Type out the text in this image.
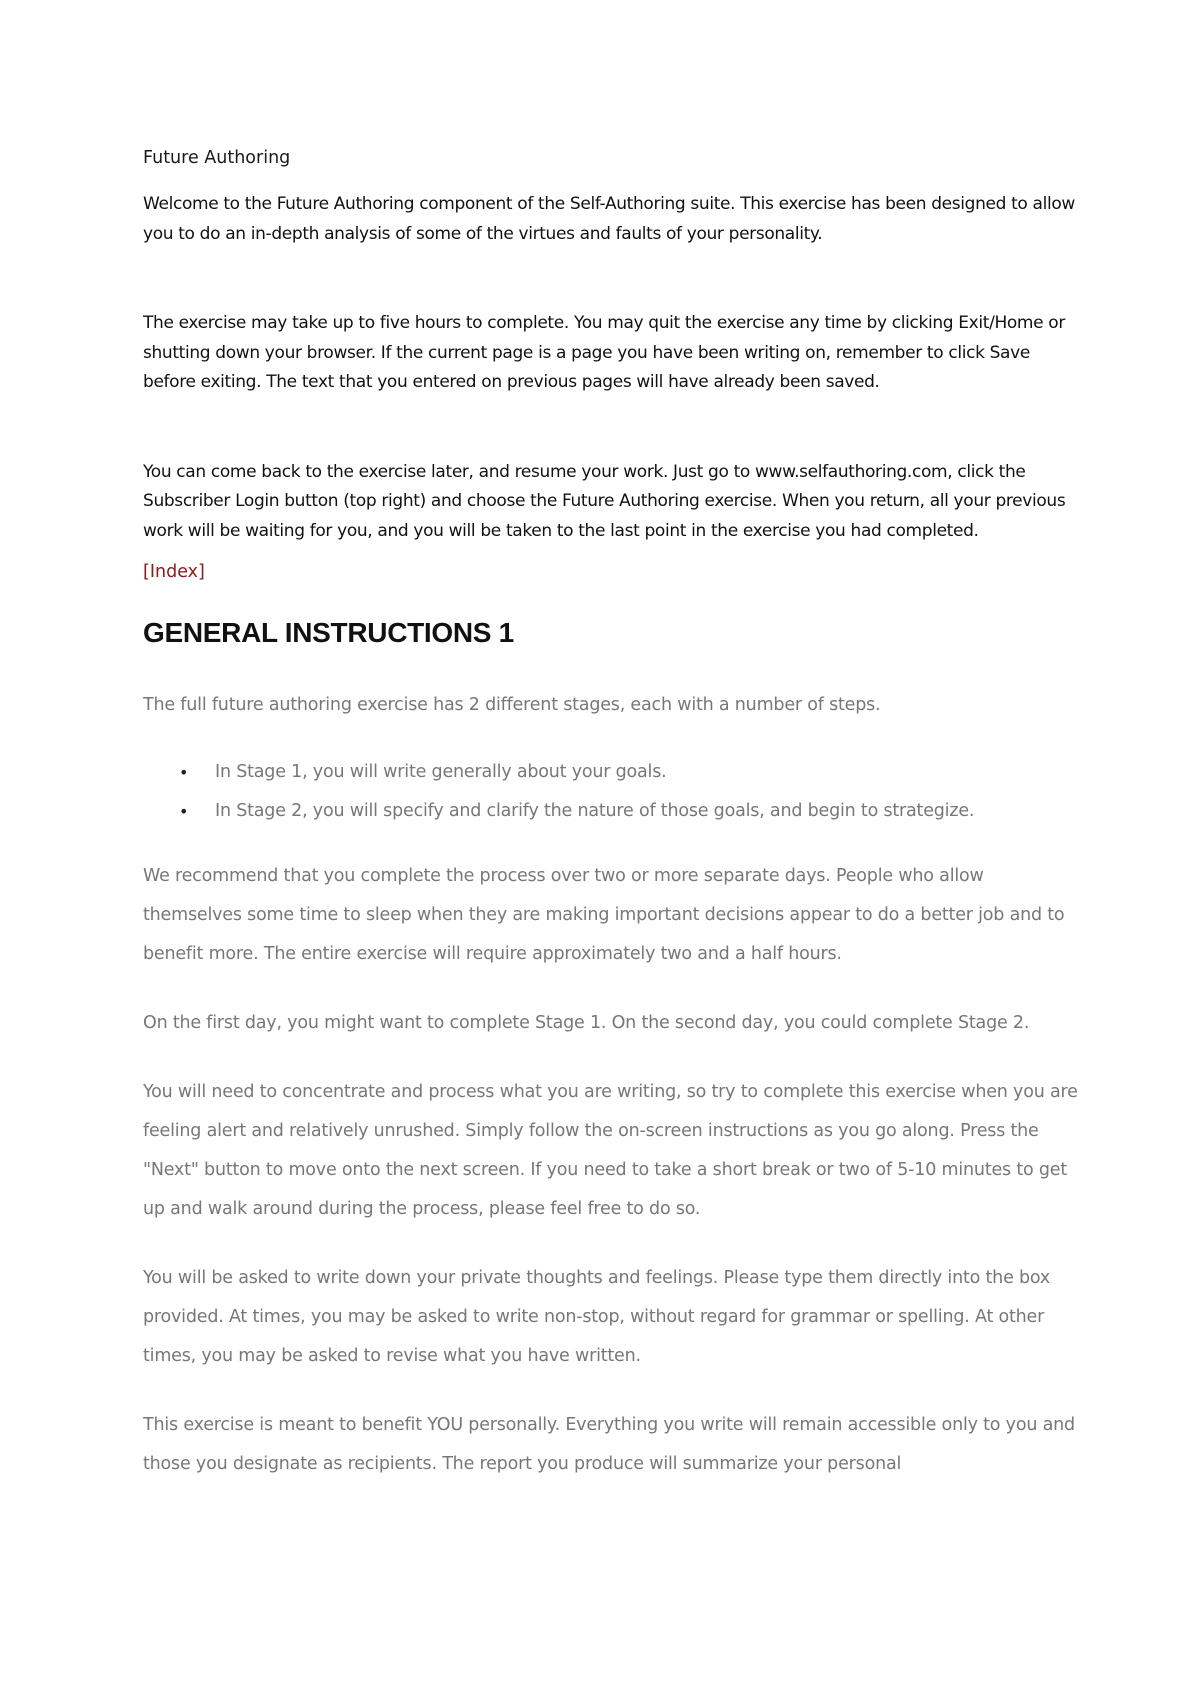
Future Authoring

Welcome to the Future Authoring component of the Self-Authoring suite. This exercise has been designed to allow you to do an in-depth analysis of some of the virtues and faults of your personality.

The exercise may take up to five hours to complete. You may quit the exercise any time by clicking Exit/Home or shutting down your browser. If the current page is a page you have been writing on, remember to click Save before exiting. The text that you entered on previous pages will have already been saved.

You can come back to the exercise later, and resume your work. Just go to www.selfauthoring.com, click the Subscriber Login button (top right) and choose the Future Authoring exercise. When you return, all your previous work will be waiting for you, and you will be taken to the last point in the exercise you had completed.

[Index]
GENERAL INSTRUCTIONS 1

The full future authoring exercise has 2 different stages, each with a number of steps.

• In Stage 1, you will write generally about your goals.
• In Stage 2, you will specify and clarify the nature of those goals, and begin to strategize.

We recommend that you complete the process over two or more separate days. People who allow themselves some time to sleep when they are making important decisions appear to do a better job and to benefit more. The entire exercise will require approximately two and a half hours.

On the first day, you might want to complete Stage 1. On the second day, you could complete Stage 2.

You will need to concentrate and process what you are writing, so try to complete this exercise when you are feeling alert and relatively unrushed. Simply follow the on-screen instructions as you go along. Press the "Next" button to move onto the next screen. If you need to take a short break or two of 5-10 minutes to get up and walk around during the process, please feel free to do so.

You will be asked to write down your private thoughts and feelings. Please type them directly into the box provided. At times, you may be asked to write non-stop, without regard for grammar or spelling. At other times, you may be asked to revise what you have written.

This exercise is meant to benefit YOU personally. Everything you write will remain accessible only to you and those you designate as recipients. The report you produce will summarize your personal
